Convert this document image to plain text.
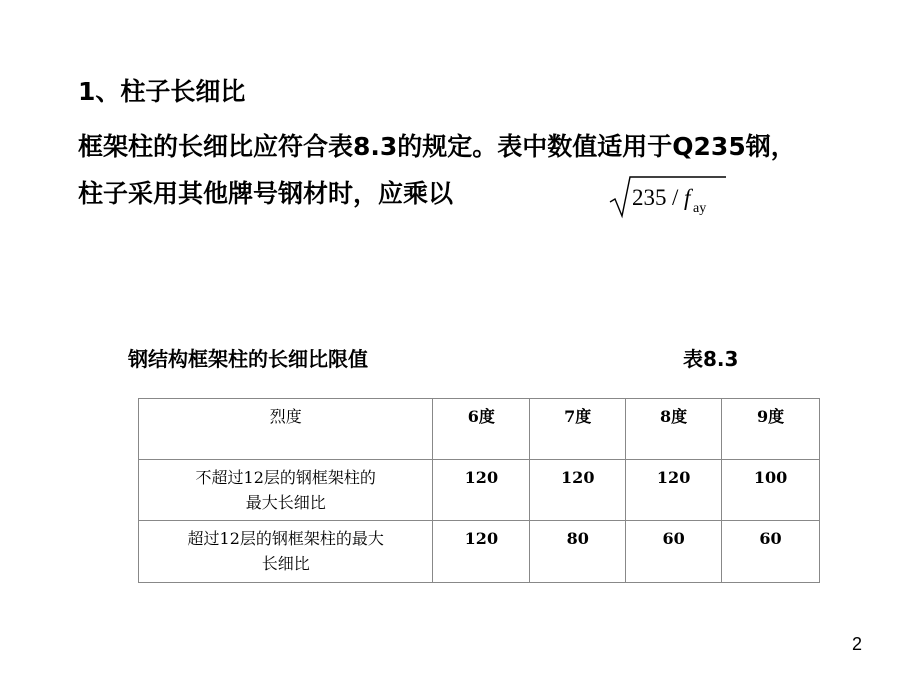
1、柱子长细比
框架柱的长细比应符合表8.3的规定。表中数值适用于Q235钢，
柱子采用其他牌号钢材时，应乘以	235 / f ay
钢结构框架柱的长细比限值	表8.3
烈度	6度	7度	8度	9度

不超过12层的钢框架柱的
最大长细比	120	120	120	100

超过12层的钢框架柱的最大
长细比	120	80	60	60
2
